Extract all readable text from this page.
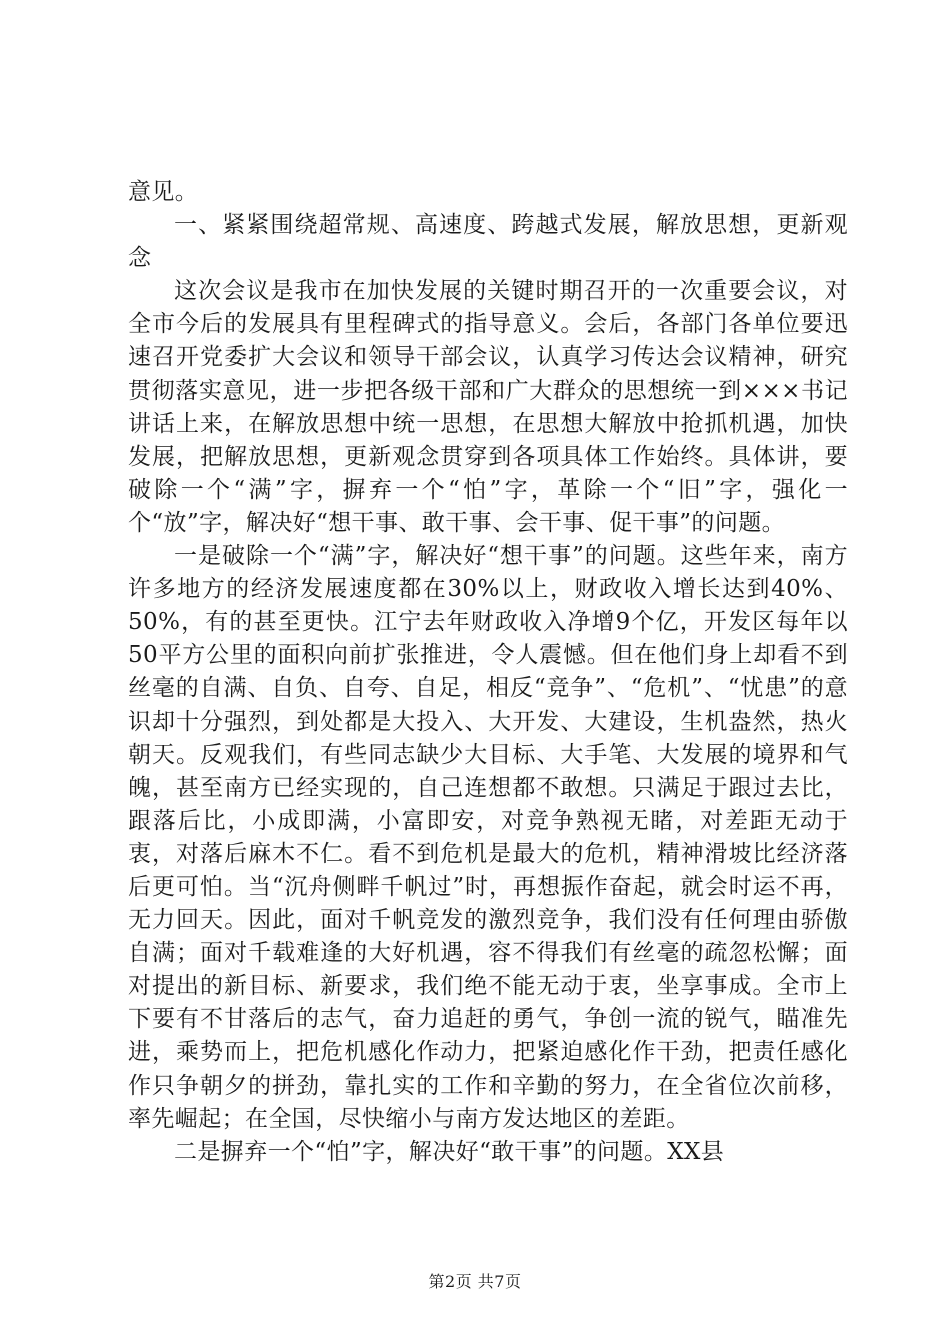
意见。

一、紧紧围绕超常规、高速度、跨越式发展，解放思想，更新观念

这次会议是我市在加快发展的关键时期召开的一次重要会议，对全市今后的发展具有里程碑式的指导意义。会后，各部门各单位要迅速召开党委扩大会议和领导干部会议，认真学习传达会议精神，研究贯彻落实意见，进一步把各级干部和广大群众的思想统一到×××书记讲话上来，在解放思想中统一思想，在思想大解放中抢抓机遇，加快发展，把解放思想，更新观念贯穿到各项具体工作始终。具体讲，要破除一个“满”字，摒弃一个“怕”字，革除一个“旧”字，强化一个“放”字，解决好“想干事、敢干事、会干事、促干事”的问题。

一是破除一个“满”字，解决好“想干事”的问题。这些年来，南方许多地方的经济发展速度都在30%以上，财政收入增长达到40%、50%，有的甚至更快。江宁去年财政收入净增9个亿，开发区每年以50平方公里的面积向前扩张推进，令人震憾。但在他们身上却看不到丝毫的自满、自负、自夸、自足，相反“竞争”、“危机”、“忧患”的意识却十分强烈，到处都是大投入、大开发、大建设，生机盎然，热火朝天。反观我们，有些同志缺少大目标、大手笔、大发展的境界和气魄，甚至南方已经实现的，自己连想都不敢想。只满足于跟过去比，跟落后比，小成即满，小富即安，对竞争熟视无睹，对差距无动于衷，对落后麻木不仁。看不到危机是最大的危机，精神滑坡比经济落后更可怕。当“沉舟侧畔千帆过”时，再想振作奋起，就会时运不再，无力回天。因此，面对千帆竞发的激烈竞争，我们没有任何理由骄傲自满；面对千载难逢的大好机遇，容不得我们有丝毫的疏忽松懈；面对提出的新目标、新要求，我们绝不能无动于衷，坐享事成。全市上下要有不甘落后的志气，奋力追赶的勇气，争创一流的锐气，瞄准先进，乘势而上，把危机感化作动力，把紧迫感化作干劲，把责任感化作只争朝夕的拼劲，靠扎实的工作和辛勤的努力，在全省位次前移，率先崛起；在全国，尽快缩小与南方发达地区的差距。

二是摒弃一个“怕”字，解决好“敢干事”的问题。XX县

第2页 共7页
